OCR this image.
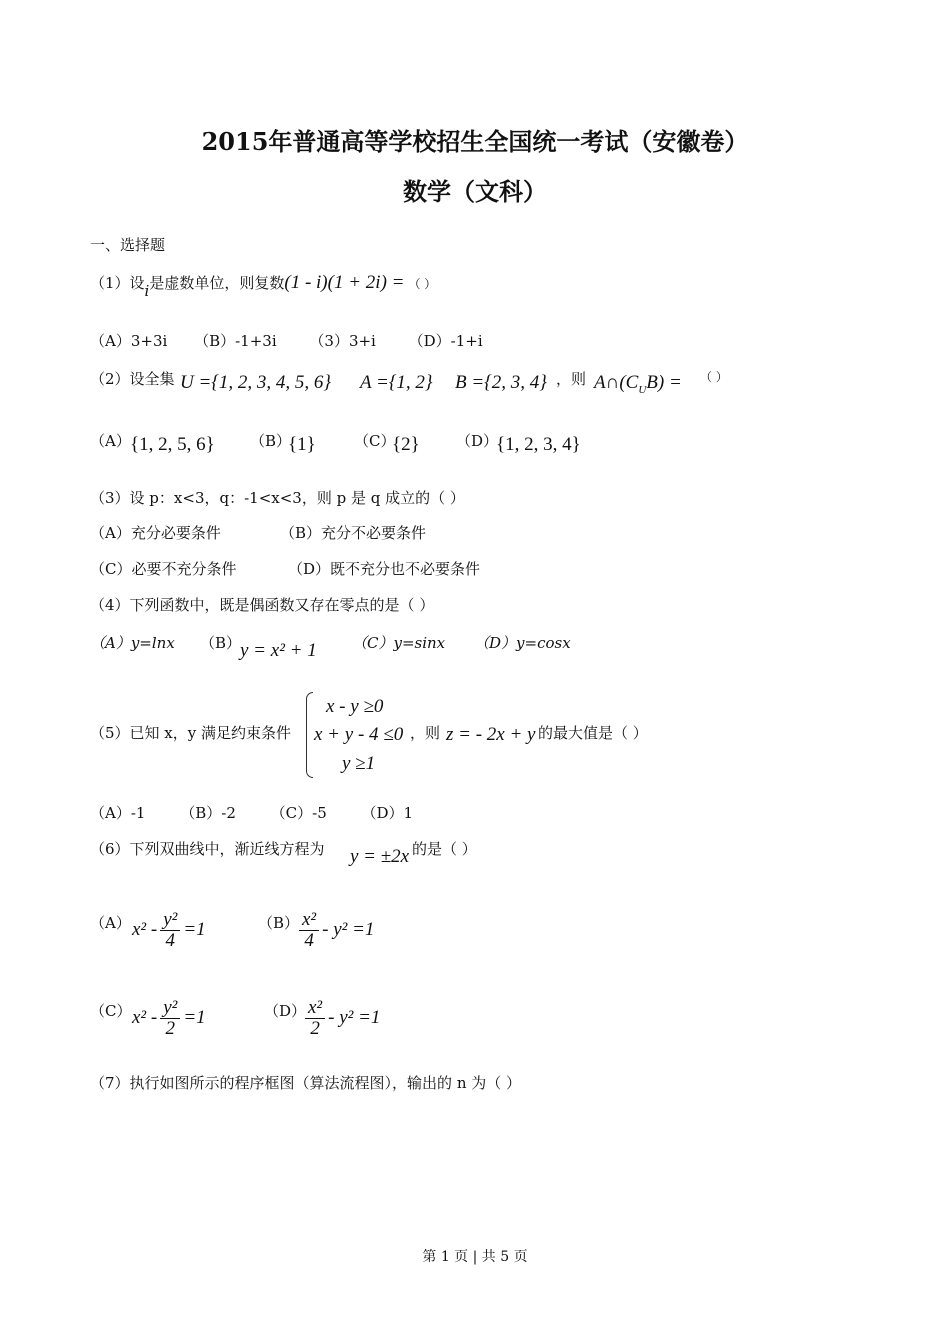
2015年普通高等学校招生全国统一考试（安徽卷）
数学（文科）
一、选择题
（1）设i是虚数单位，则复数(1 - i)(1 + 2i) = （ ）
（A）3+3i （B）-1+3i （3）3+i （D）-1+i
（2）设全集 U ={1, 2, 3, 4, 5, 6} A ={1, 2} B ={2, 3, 4} ，则 $A\cap(C_UB)$ = （ ）
（A） {1, 2, 5, 6} （B）
{1}	（C）
{2} （D）
{1, 2, 3, 4}
（3）设 p：x<3，q：-1<x<3，则 p 是 q 成立的（ ）
（A）充分必要条件	（B）充分不必要条件
（C）必要不充分条件	（D）既不充分也不必要条件
（4）下列函数中，既是偶函数又存在零点的是（ ）
（A）y=lnx （B）
y = x² + 1 （C）y=sinx （D）y=cosx
（5）已知 x，y 满足约束条件
x - y ≥0
x + y - 4 ≤0
y ≥1
，则 z = - 2x + y 的最大值是（ ）
（A）-1 （B）-2 （C）-5 （D）1
（6）下列双曲线中，渐近线方程为 y = ±2x 的是（ ）
（A） $x^2 - \frac{\text{y²}}{4} =1$	$(B) \frac{\text{x²}}{4} - y^2 =1$
（C） $x^2 - \frac{\text{y²}}{2} =1$	（D）
$\frac{\text{x²}}{2} - y^2 =1$
（7）执行如图所示的程序框图（算法流程图），输出的 n 为（ ）
第 1 页 | 共 5 页
